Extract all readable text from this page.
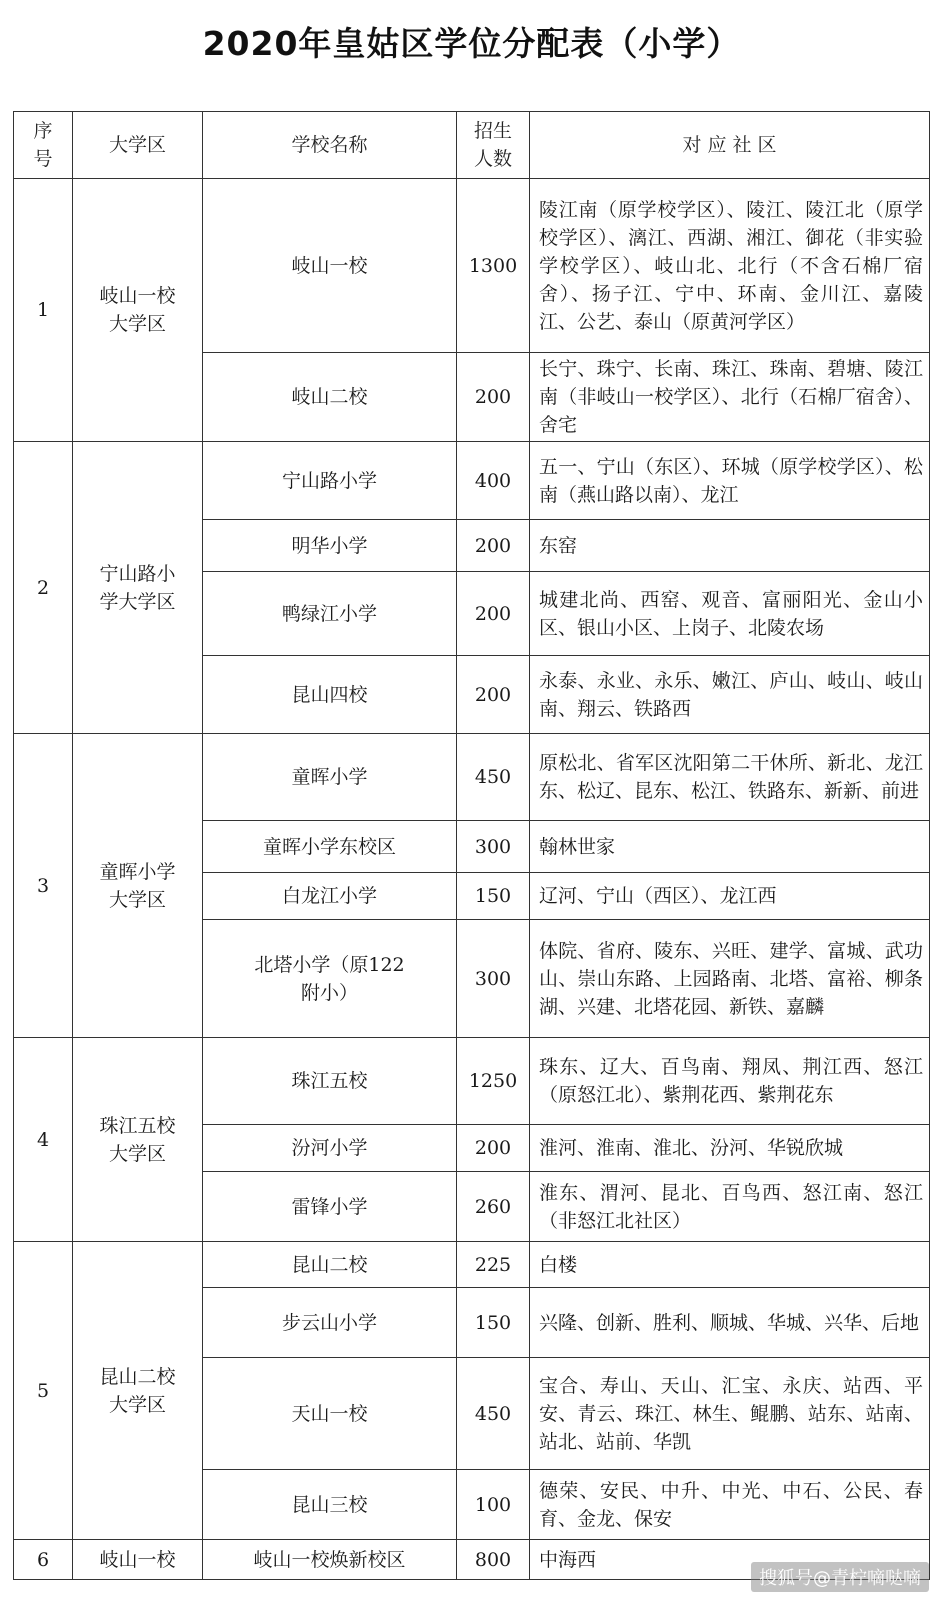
2020年皇姑区学位分配表（小学）
序号	大学区	学校名称	招生人数	对 应 社 区
1	岐山一校大学区	岐山一校	1300	陵江南（原学校学区）、陵江、陵江北（原学校学区）、漓江、西湖、湘江、御花（非实验学校学区）、岐山北、北行（不含石棉厂宿舍）、扬子江、宁中、环南、金川江、嘉陵江、公艺、泰山（原黄河学区）
		岐山二校	200	长宁、珠宁、长南、珠江、珠南、碧塘、陵江南（非岐山一校学区）、北行（石棉厂宿舍）、舍宅
2	宁山路小学大学区	宁山路小学	400	五一、宁山（东区）、环城（原学校学区）、松南（燕山路以南）、龙江
		明华小学	200	东窑
		鸭绿江小学	200	城建北尚、西窑、观音、富丽阳光、金山小区、银山小区、上岗子、北陵农场
		昆山四校	200	永泰、永业、永乐、嫩江、庐山、岐山、岐山南、翔云、铁路西
3	童晖小学大学区	童晖小学	450	原松北、省军区沈阳第二干休所、新北、龙江东、松辽、昆东、松江、铁路东、新新、前进
		童晖小学东校区	300	翰林世家
		白龙江小学	150	辽河、宁山（西区）、龙江西
		北塔小学（原122附小）	300	体院、省府、陵东、兴旺、建学、富城、武功山、崇山东路、上园路南、北塔、富裕、柳条湖、兴建、北塔花园、新铁、嘉麟
4	珠江五校大学区	珠江五校	1250	珠东、辽大、百鸟南、翔凤、荆江西、怒江（原怒江北）、紫荆花西、紫荆花东
		汾河小学	200	淮河、淮南、淮北、汾河、华锐欣城
		雷锋小学	260	淮东、渭河、昆北、百鸟西、怒江南、怒江（非怒江北社区）
5	昆山二校大学区	昆山二校	225	白楼
		步云山小学	150	兴隆、创新、胜利、顺城、华城、兴华、后地
		天山一校	450	宝合、寿山、天山、汇宝、永庆、站西、平安、青云、珠江、林生、鲲鹏、站东、站南、站北、站前、华凯
		昆山三校	100	德荣、安民、中升、中光、中石、公民、春育、金龙、保安
6	岐山一校	岐山一校焕新校区	800	中海西
搜狐号@青柠嘀哒嘀
